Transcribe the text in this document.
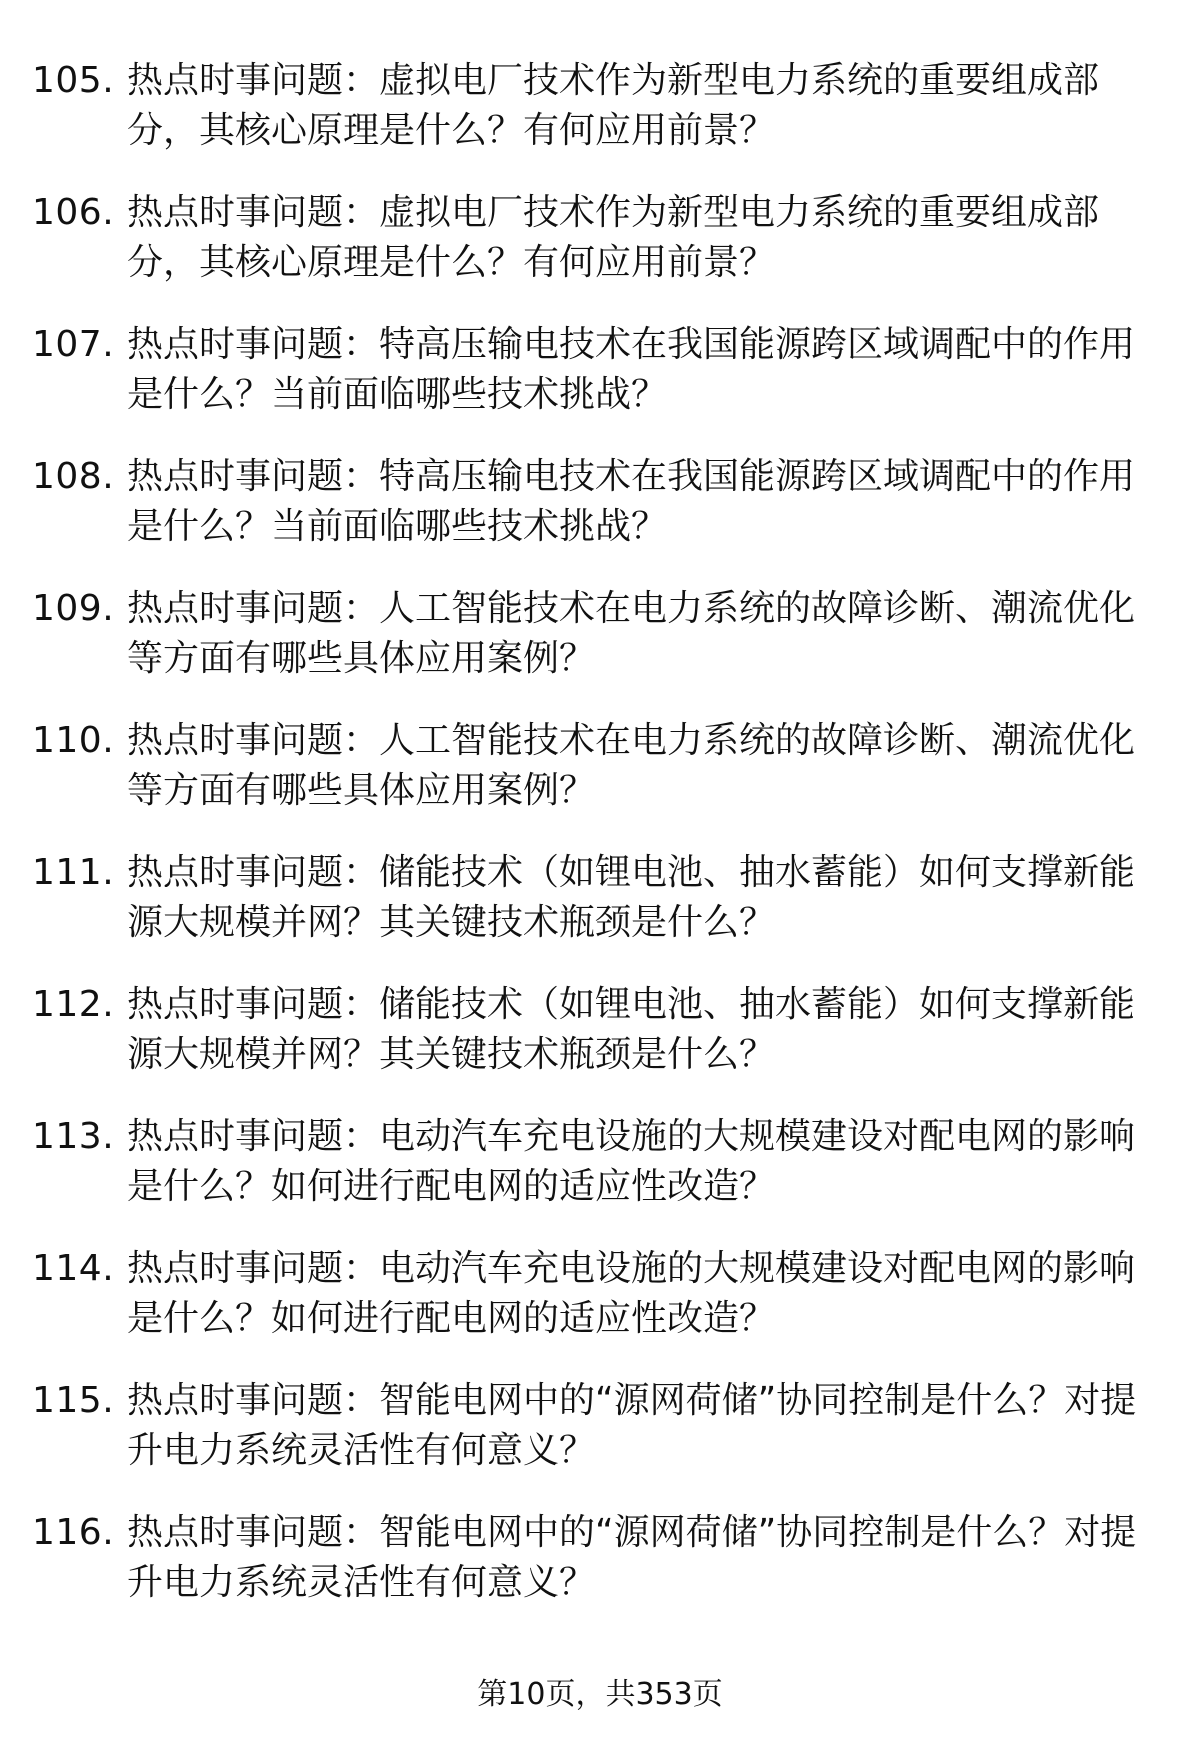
105. 热点时事问题：虚拟电厂技术作为新型电力系统的重要组成部分，其核心原理是什么？有何应用前景？
106. 热点时事问题：虚拟电厂技术作为新型电力系统的重要组成部分，其核心原理是什么？有何应用前景？
107. 热点时事问题：特高压输电技术在我国能源跨区域调配中的作用是什么？当前面临哪些技术挑战？
108. 热点时事问题：特高压输电技术在我国能源跨区域调配中的作用是什么？当前面临哪些技术挑战？
109. 热点时事问题：人工智能技术在电力系统的故障诊断、潮流优化等方面有哪些具体应用案例？
110. 热点时事问题：人工智能技术在电力系统的故障诊断、潮流优化等方面有哪些具体应用案例？
111. 热点时事问题：储能技术（如锂电池、抽水蓄能）如何支撑新能源大规模并网？其关键技术瓶颈是什么？
112. 热点时事问题：储能技术（如锂电池、抽水蓄能）如何支撑新能源大规模并网？其关键技术瓶颈是什么？
113. 热点时事问题：电动汽车充电设施的大规模建设对配电网的影响是什么？如何进行配电网的适应性改造？
114. 热点时事问题：电动汽车充电设施的大规模建设对配电网的影响是什么？如何进行配电网的适应性改造？
115. 热点时事问题：智能电网中的“源网荷储”协同控制是什么？对提升电力系统灵活性有何意义？
116. 热点时事问题：智能电网中的“源网荷储”协同控制是什么？对提升电力系统灵活性有何意义？
第10页，共353页
